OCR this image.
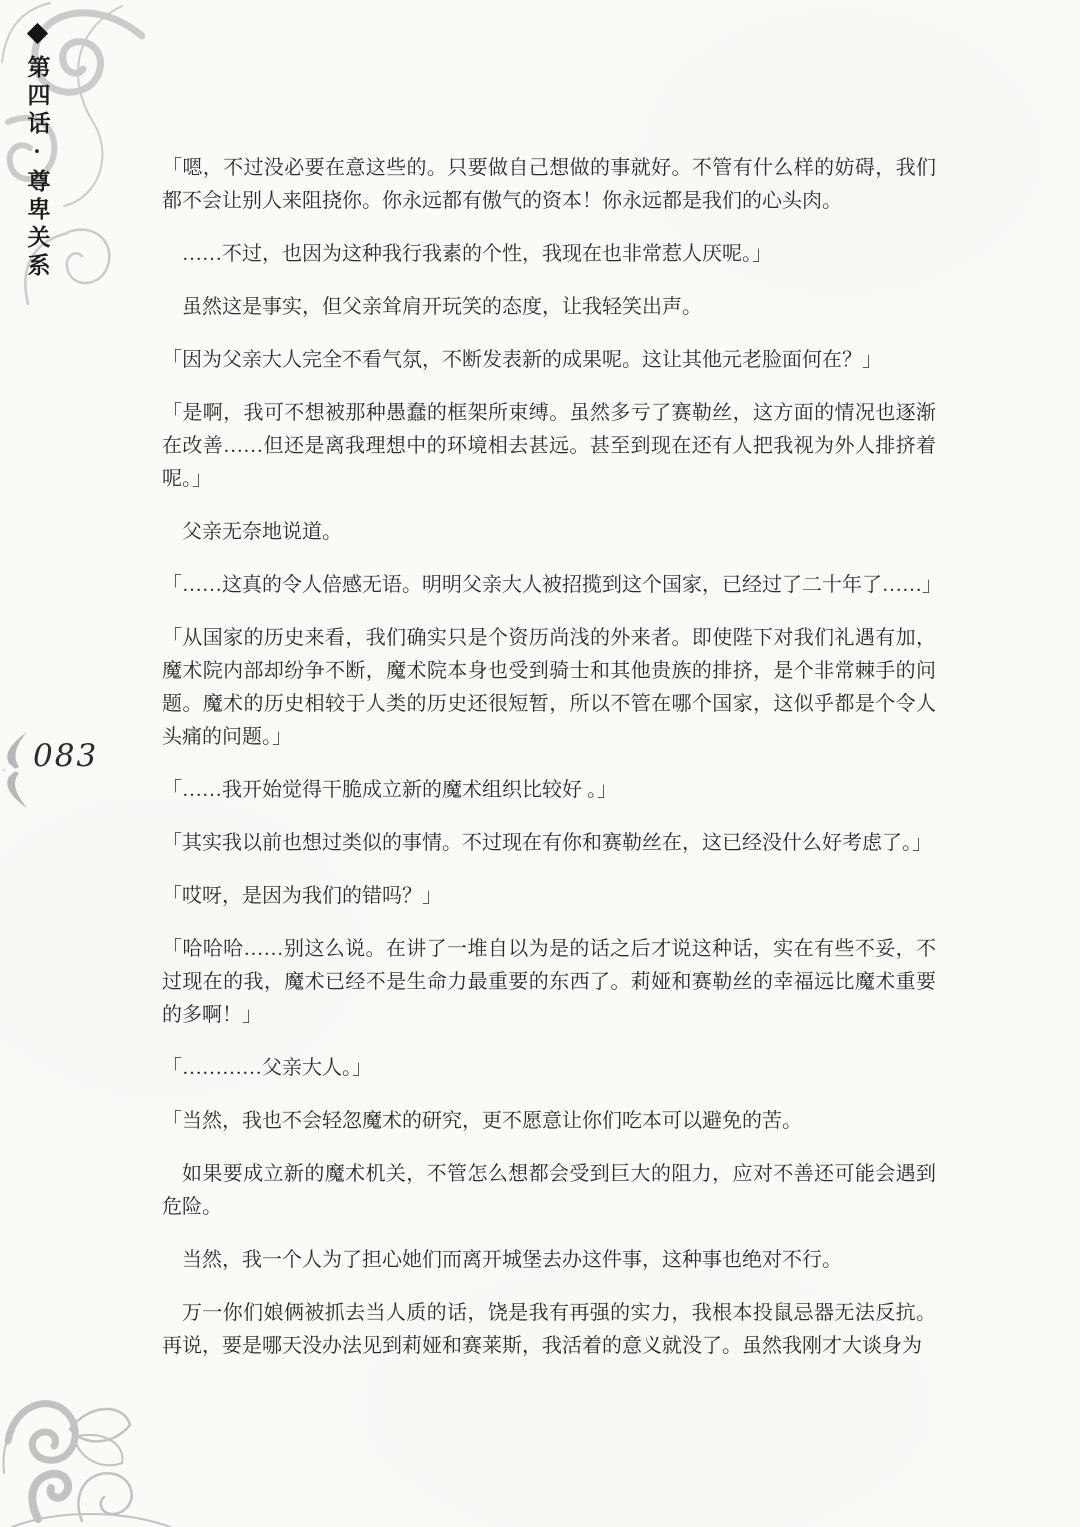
第四话·尊卑关系
083

「嗯，不过没必要在意这些的。只要做自己想做的事就好。不管有什么样的妨碍，我们都不会让别人来阻挠你。你永远都有傲气的资本！你永远都是我们的心头肉。

……不过，也因为这种我行我素的个性，我现在也非常惹人厌呢。」

虽然这是事实，但父亲耸肩开玩笑的态度，让我轻笑出声。

「因为父亲大人完全不看气氛，不断发表新的成果呢。这让其他元老脸面何在？」

「是啊，我可不想被那种愚蠢的框架所束缚。虽然多亏了赛勒丝，这方面的情况也逐渐在改善……但还是离我理想中的环境相去甚远。甚至到现在还有人把我视为外人排挤着呢。」

父亲无奈地说道。

「……这真的令人倍感无语。明明父亲大人被招揽到这个国家，已经过了二十年了……」

「从国家的历史来看，我们确实只是个资历尚浅的外来者。即使陛下对我们礼遇有加，魔术院内部却纷争不断，魔术院本身也受到骑士和其他贵族的排挤，是个非常棘手的问题。魔术的历史相较于人类的历史还很短暂，所以不管在哪个国家，这似乎都是个令人头痛的问题。」

「……我开始觉得干脆成立新的魔术组织比较好 。」

「其实我以前也想过类似的事情。不过现在有你和赛勒丝在，这已经没什么好考虑了。」

「哎呀，是因为我们的错吗？」

「哈哈哈……别这么说。在讲了一堆自以为是的话之后才说这种话，实在有些不妥，不过现在的我，魔术已经不是生命力最重要的东西了。莉娅和赛勒丝的幸福远比魔术重要的多啊！」

「…………父亲大人。」

「当然，我也不会轻忽魔术的研究，更不愿意让你们吃本可以避免的苦。

如果要成立新的魔术机关，不管怎么想都会受到巨大的阻力，应对不善还可能会遇到危险。

当然，我一个人为了担心她们而离开城堡去办这件事，这种事也绝对不行。

万一你们娘俩被抓去当人质的话，饶是我有再强的实力，我根本投鼠忌器无法反抗。再说，要是哪天没办法见到莉娅和赛莱斯，我活着的意义就没了。虽然我刚才大谈身为
